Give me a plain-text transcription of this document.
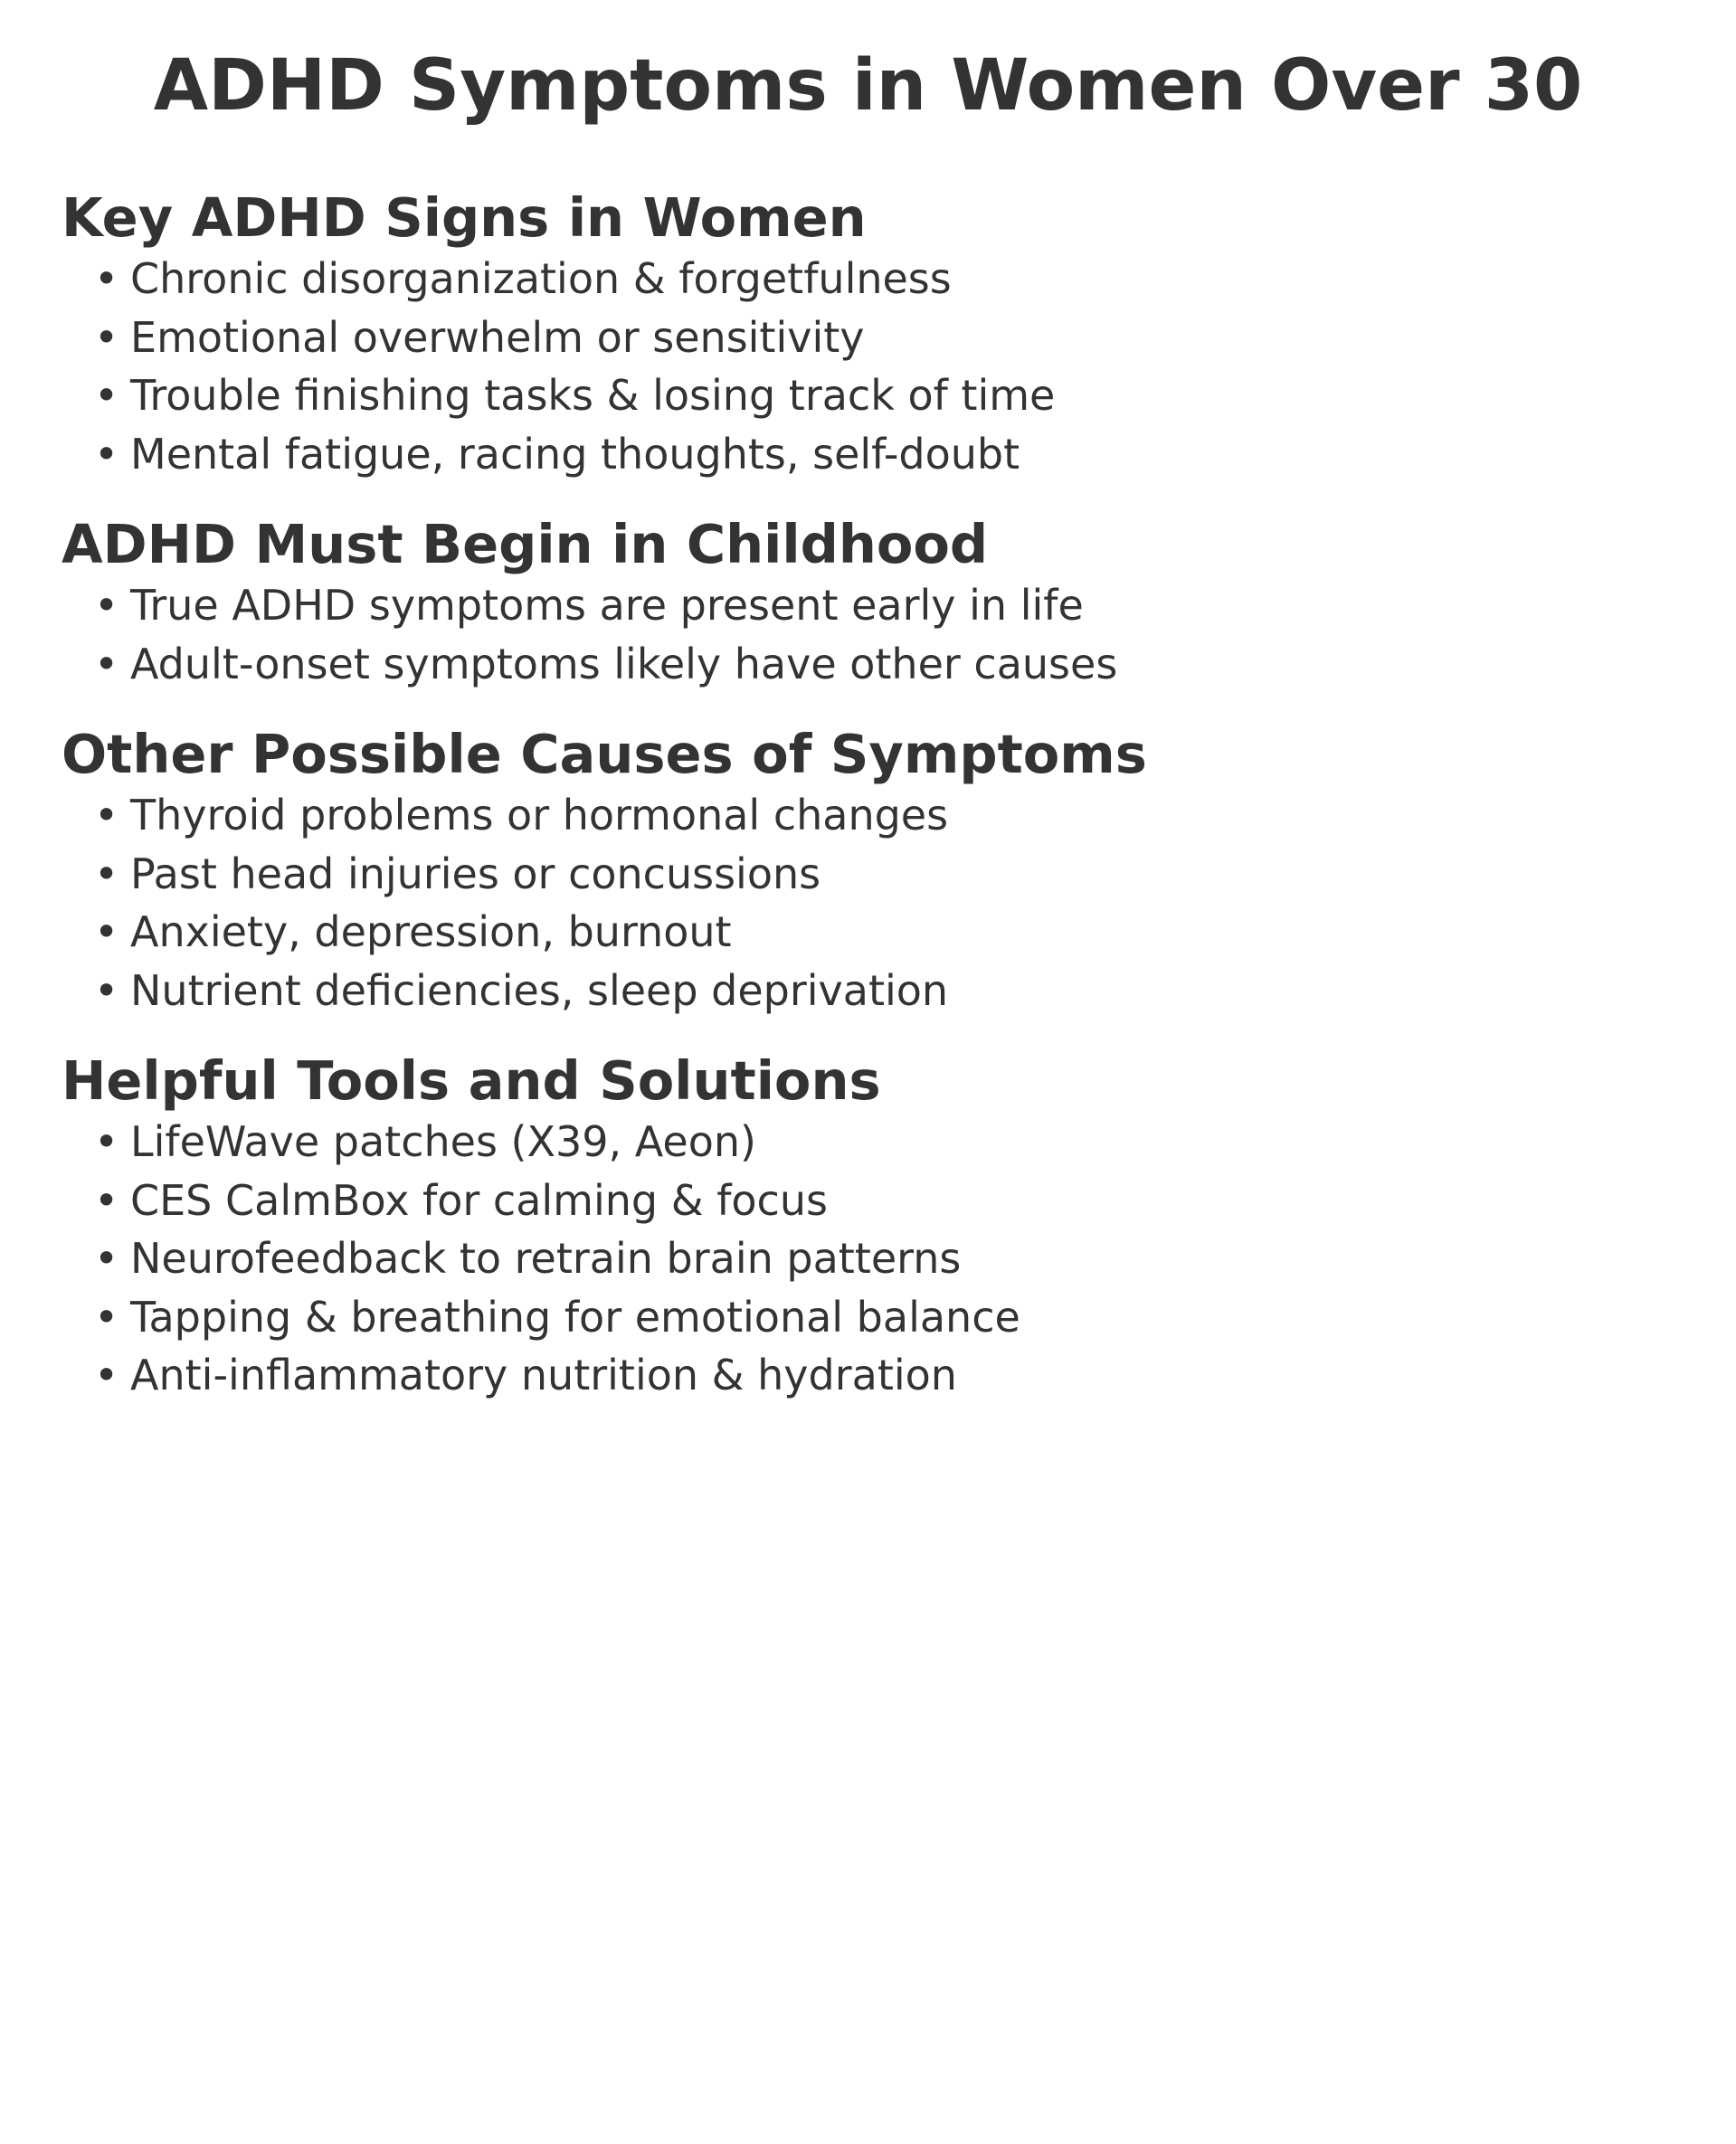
ADHD Symptoms in Women Over 30
Key ADHD Signs in Women
• Chronic disorganization & forgetfulness
• Emotional overwhelm or sensitivity
• Trouble finishing tasks & losing track of time
• Mental fatigue, racing thoughts, self-doubt
ADHD Must Begin in Childhood
• True ADHD symptoms are present early in life
• Adult-onset symptoms likely have other causes
Other Possible Causes of Symptoms
• Thyroid problems or hormonal changes
• Past head injuries or concussions
• Anxiety, depression, burnout
• Nutrient deficiencies, sleep deprivation
Helpful Tools and Solutions
• LifeWave patches (X39, Aeon)
• CES CalmBox for calming & focus
• Neurofeedback to retrain brain patterns
• Tapping & breathing for emotional balance
• Anti-inflammatory nutrition & hydration
